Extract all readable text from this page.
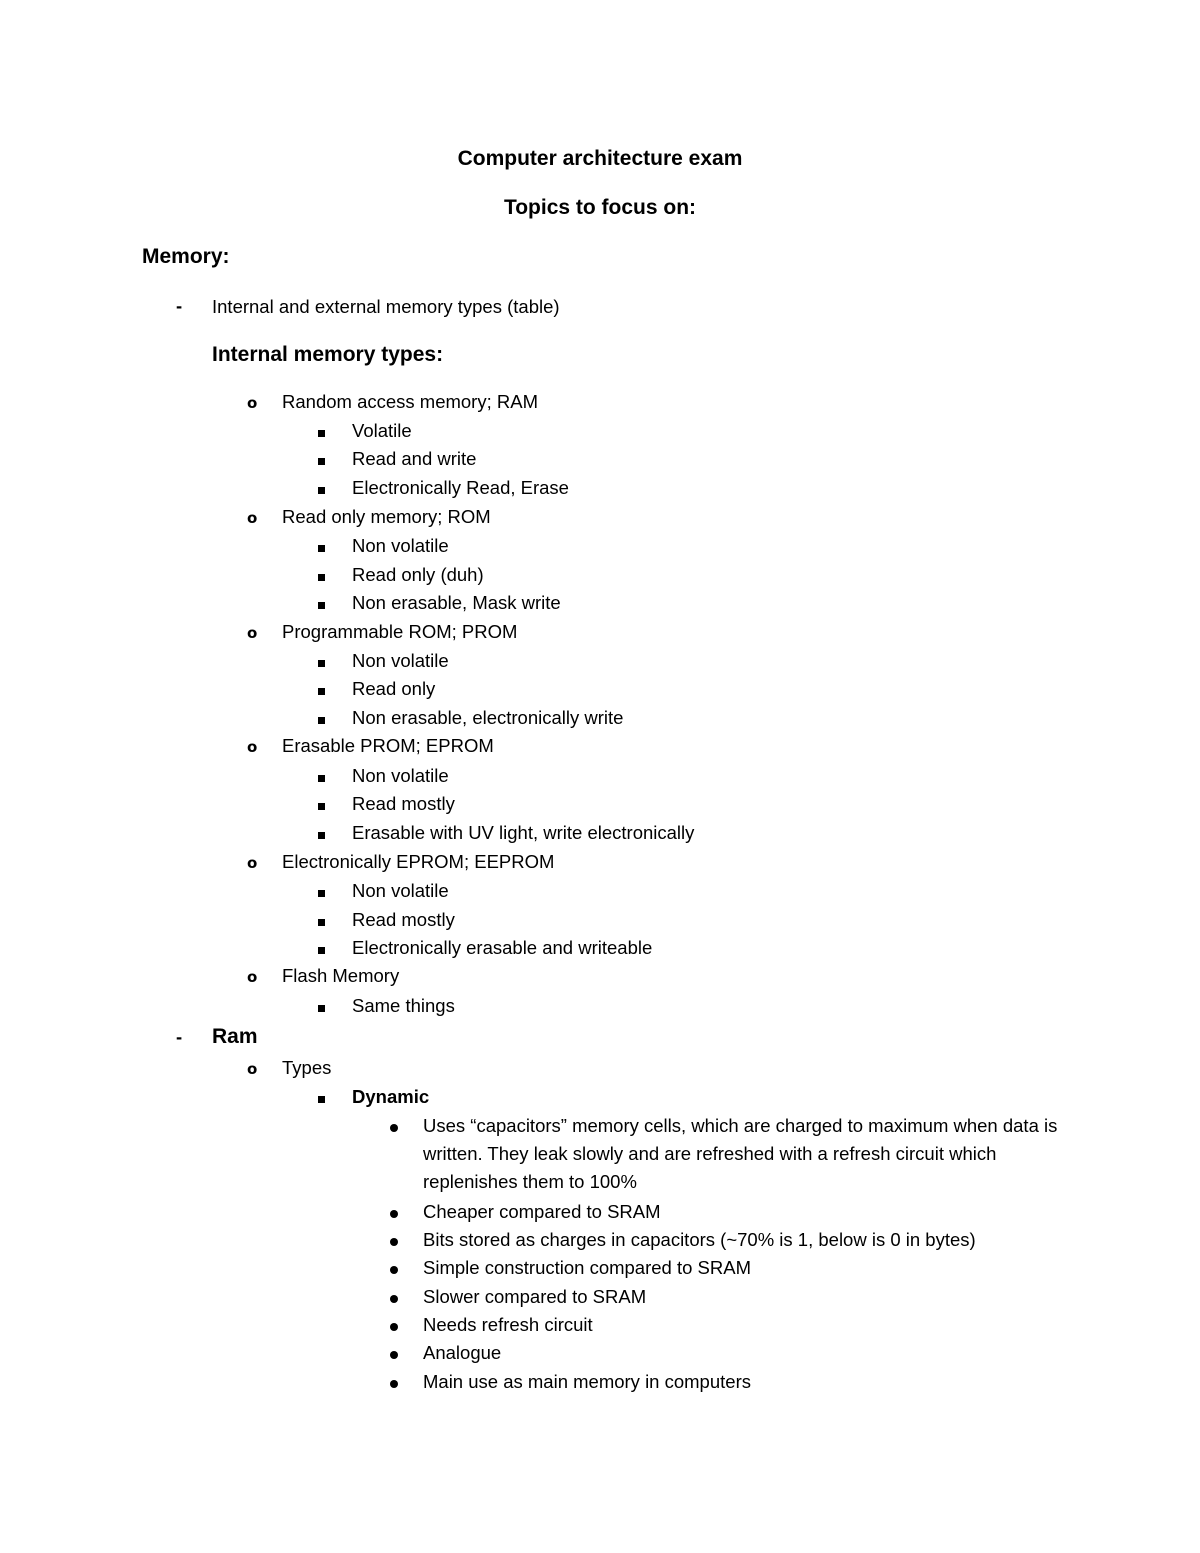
Computer architecture exam
Topics to focus on:
Memory:
- Internal and external memory types (table)
Internal memory types:
o Random access memory; RAM
Volatile
Read and write
Electronically Read, Erase
o Read only memory; ROM
Non volatile
Read only (duh)
Non erasable, Mask write
o Programmable ROM; PROM
Non volatile
Read only
Non erasable, electronically write
o Erasable PROM; EPROM
Non volatile
Read mostly
Erasable with UV light, write electronically
o Electronically EPROM; EEPROM
Non volatile
Read mostly
Electronically erasable and writeable
o Flash Memory
Same things
- Ram
o Types
Dynamic
Uses “capacitors” memory cells, which are charged to maximum when data is written. They leak slowly and are refreshed with a refresh circuit which replenishes them to 100%
Cheaper compared to SRAM
Bits stored as charges in capacitors (~70% is 1, below is 0 in bytes)
Simple construction compared to SRAM
Slower compared to SRAM
Needs refresh circuit
Analogue
Main use as main memory in computers
